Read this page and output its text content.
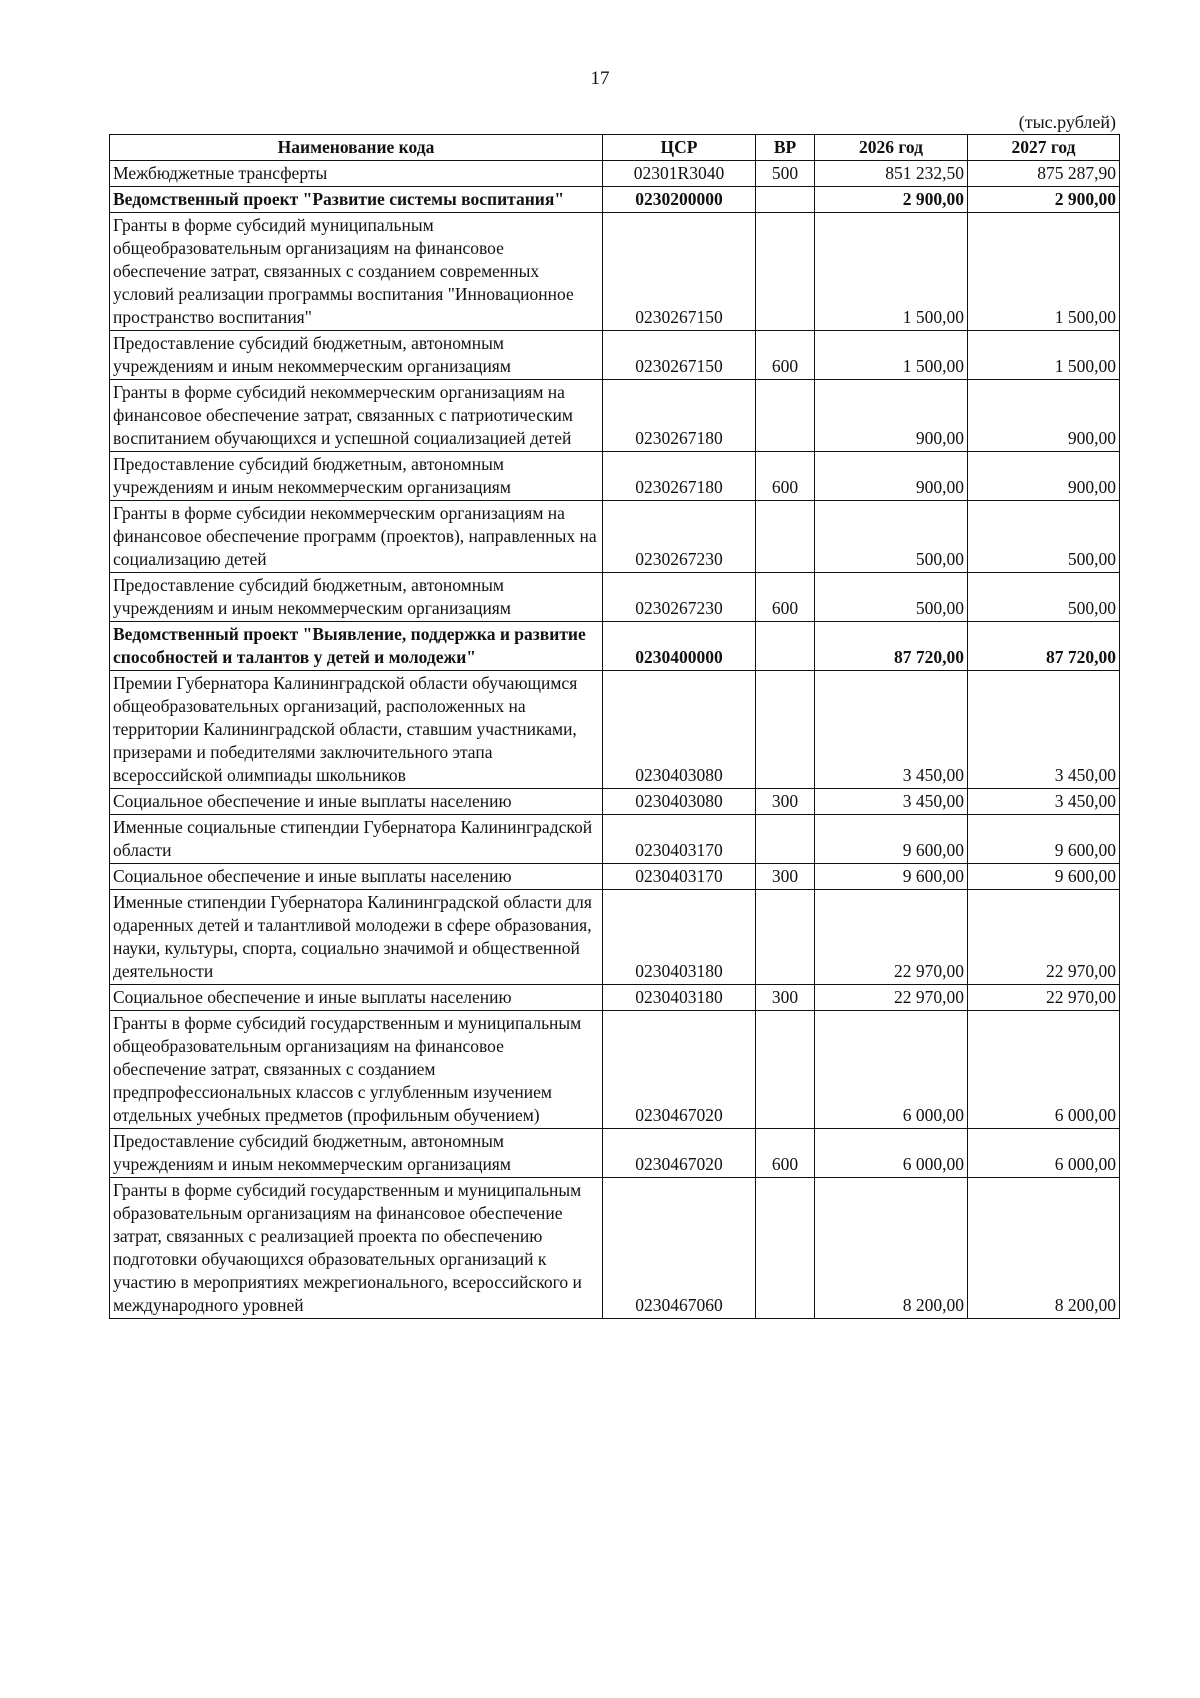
17
(тыс.рублей)
Наименование кода	ЦСР	ВР	2026 год	2027 год
Межбюджетные трансферты	02301R3040	500	851 232,50	875 287,90
Ведомственный проект "Развитие системы воспитания"	0230200000		2 900,00	2 900,00
Гранты в форме субсидий муниципальным общеобразовательным организациям на финансовое обеспечение затрат, связанных с созданием современных условий реализации программы воспитания "Инновационное пространство воспитания"	0230267150		1 500,00	1 500,00
Предоставление субсидий бюджетным, автономным учреждениям и иным некоммерческим организациям	0230267150	600	1 500,00	1 500,00
Гранты в форме субсидий некоммерческим организациям на финансовое обеспечение затрат, связанных с патриотическим воспитанием обучающихся и успешной социализацией детей	0230267180		900,00	900,00
Предоставление субсидий бюджетным, автономным учреждениям и иным некоммерческим организациям	0230267180	600	900,00	900,00
Гранты в форме субсидии некоммерческим организациям на финансовое обеспечение программ (проектов), направленных на социализацию детей	0230267230		500,00	500,00
Предоставление субсидий бюджетным, автономным учреждениям и иным некоммерческим организациям	0230267230	600	500,00	500,00
Ведомственный проект "Выявление, поддержка и развитие способностей и талантов у детей и молодежи"	0230400000		87 720,00	87 720,00
Премии Губернатора Калининградской области обучающимся общеобразовательных организаций, расположенных на территории Калининградской области, ставшим участниками, призерами и победителями заключительного этапа всероссийской олимпиады школьников	0230403080		3 450,00	3 450,00
Социальное обеспечение и иные выплаты населению	0230403080	300	3 450,00	3 450,00
Именные социальные стипендии Губернатора Калининградской области	0230403170		9 600,00	9 600,00
Социальное обеспечение и иные выплаты населению	0230403170	300	9 600,00	9 600,00
Именные стипендии Губернатора Калининградской области для одаренных детей и талантливой молодежи в сфере образования, науки, культуры, спорта, социально значимой и общественной деятельности	0230403180		22 970,00	22 970,00
Социальное обеспечение и иные выплаты населению	0230403180	300	22 970,00	22 970,00
Гранты в форме субсидий государственным и муниципальным общеобразовательным организациям на финансовое обеспечение затрат, связанных с созданием предпрофессиональных классов с углубленным изучением отдельных учебных предметов (профильным обучением)	0230467020		6 000,00	6 000,00
Предоставление субсидий бюджетным, автономным учреждениям и иным некоммерческим организациям	0230467020	600	6 000,00	6 000,00
Гранты в форме субсидий государственным и муниципальным образовательным организациям на финансовое обеспечение затрат, связанных с реализацией проекта по обеспечению подготовки обучающихся образовательных организаций к участию в мероприятиях межрегионального, всероссийского и международного уровней	0230467060		8 200,00	8 200,00
